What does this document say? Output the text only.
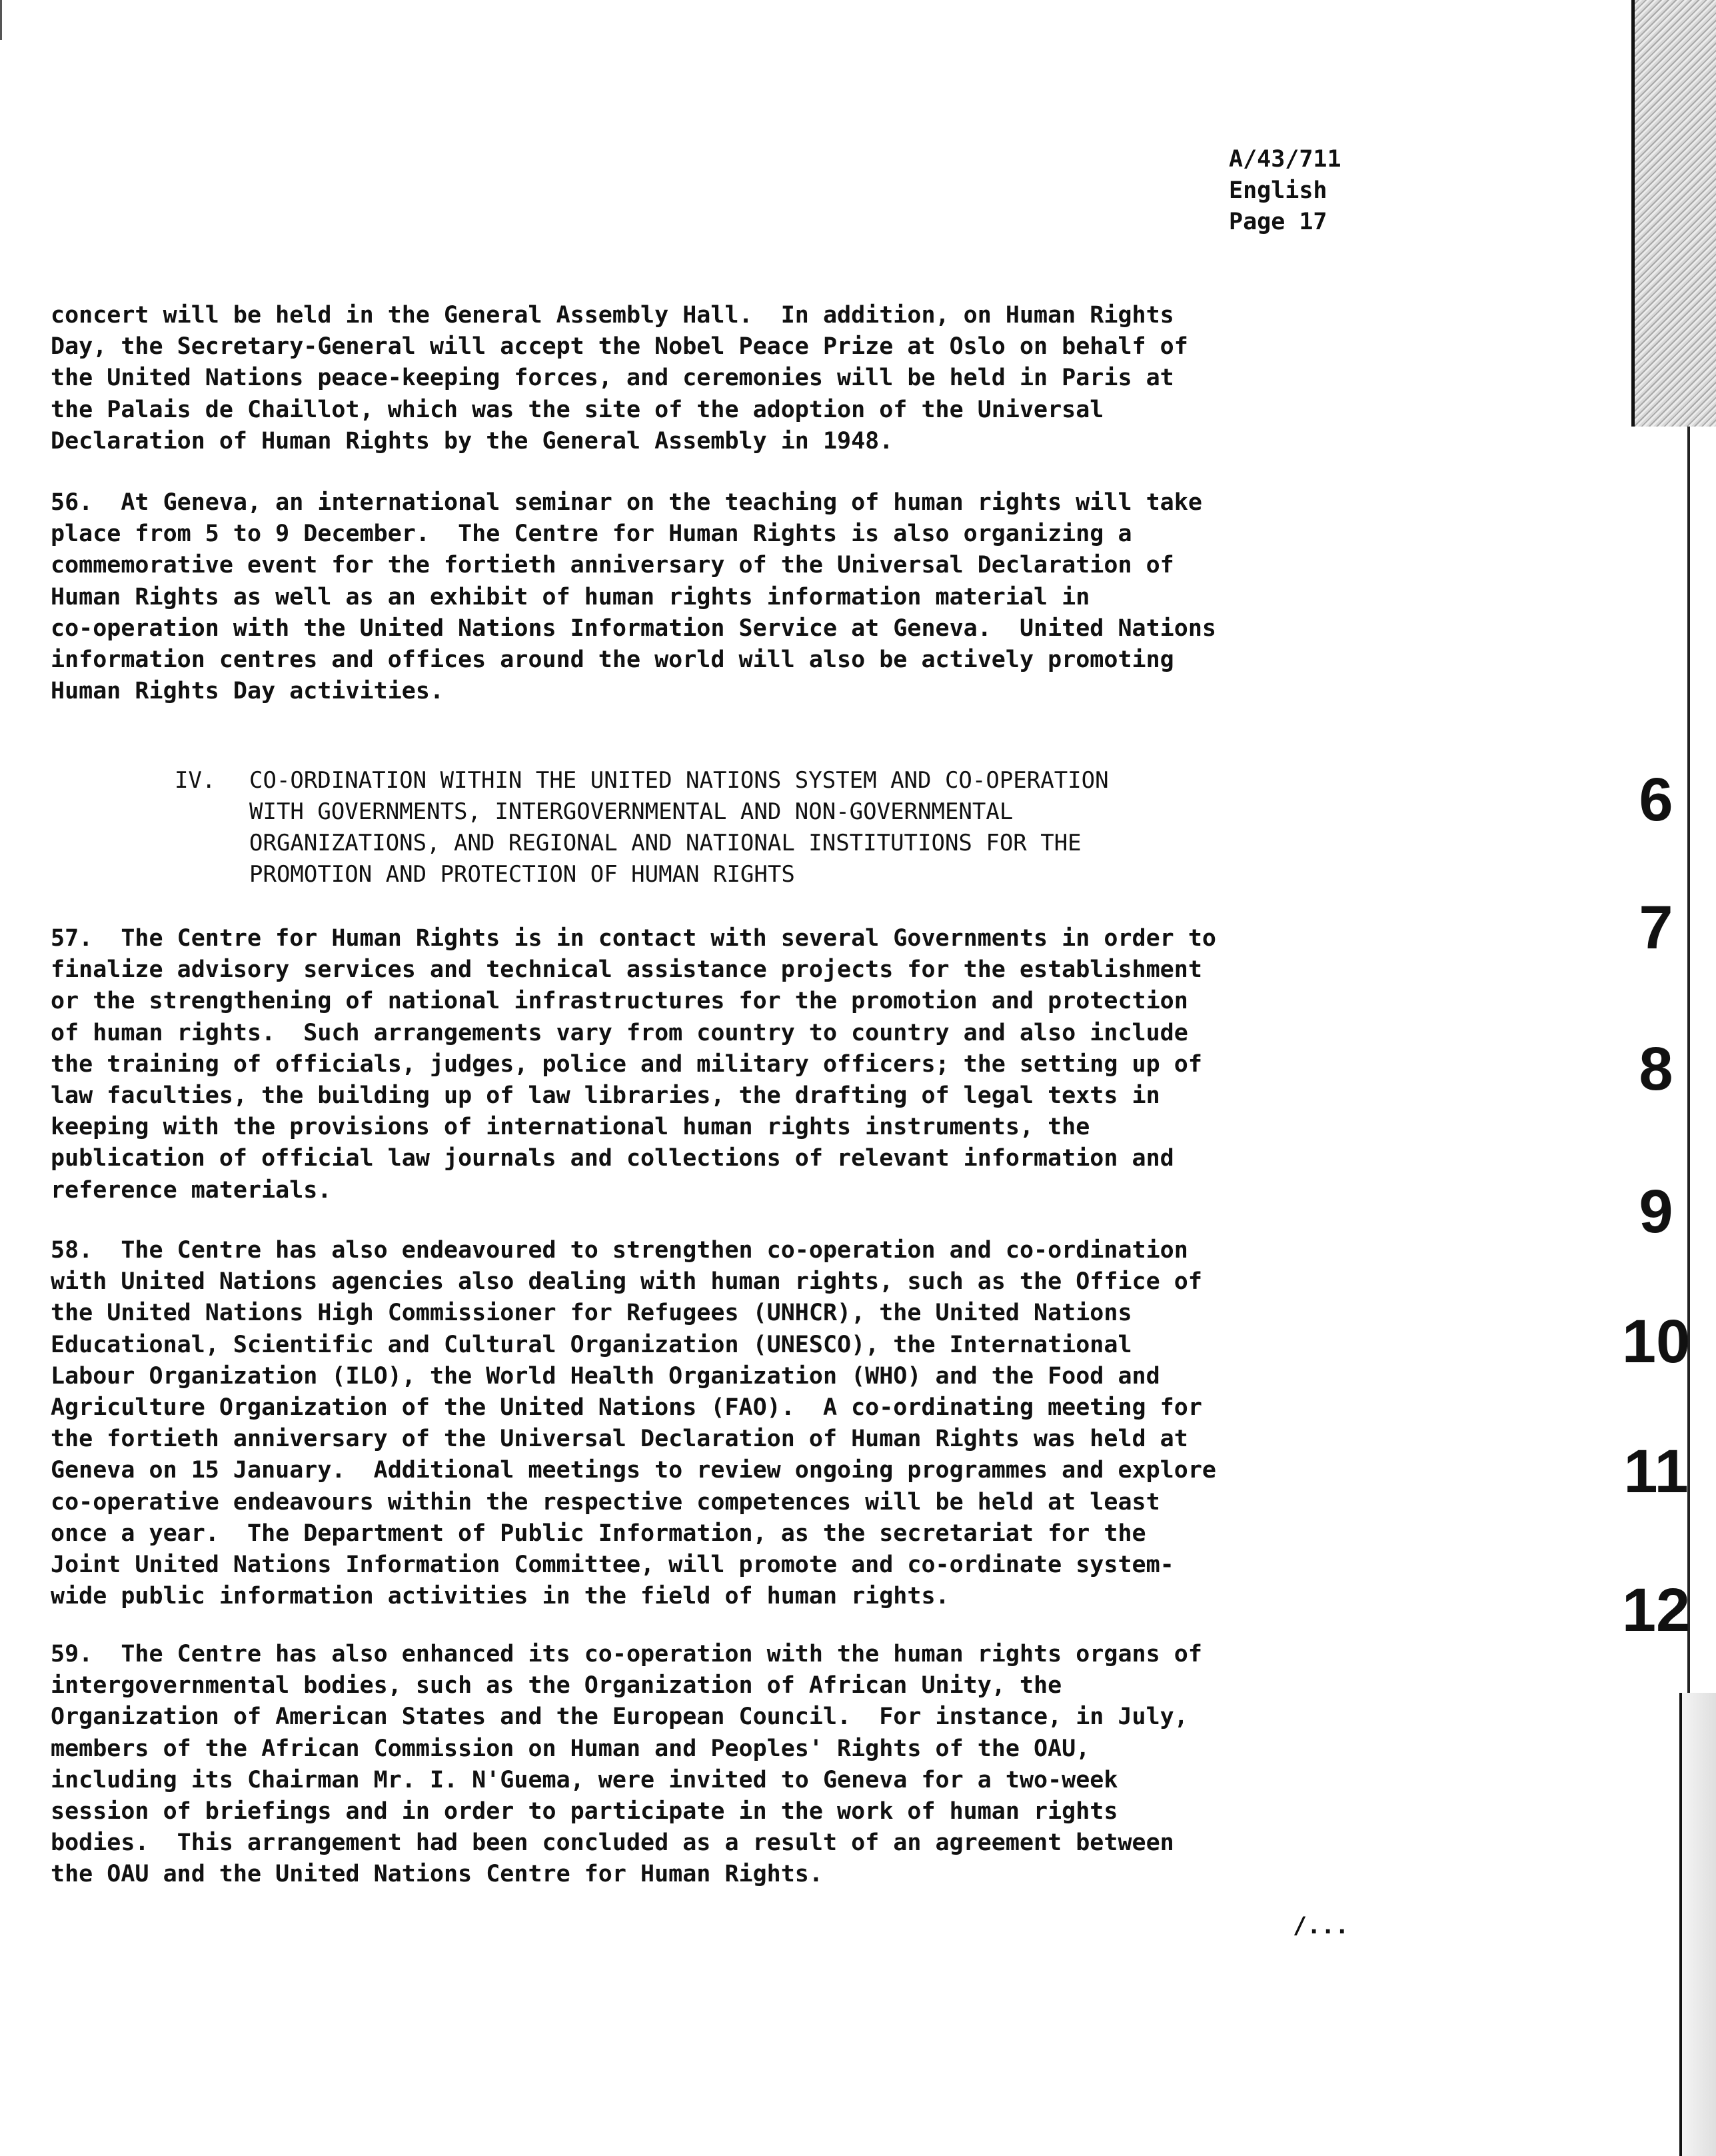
A/43/711
English
Page 17
concert will be held in the General Assembly Hall.  In addition, on Human Rights
Day, the Secretary-General will accept the Nobel Peace Prize at Oslo on behalf of
the United Nations peace-keeping forces, and ceremonies will be held in Paris at
the Palais de Chaillot, which was the site of the adoption of the Universal
Declaration of Human Rights by the General Assembly in 1948.
56.  At Geneva, an international seminar on the teaching of human rights will take
place from 5 to 9 December.  The Centre for Human Rights is also organizing a
commemorative event for the fortieth anniversary of the Universal Declaration of
Human Rights as well as an exhibit of human rights information material in
co-operation with the United Nations Information Service at Geneva.  United Nations
information centres and offices around the world will also be actively promoting
Human Rights Day activities.

IV.

CO-ORDINATION WITHIN THE UNITED NATIONS SYSTEM AND CO-OPERATION
WITH GOVERNMENTS, INTERGOVERNMENTAL AND NON-GOVERNMENTAL
ORGANIZATIONS, AND REGIONAL AND NATIONAL INSTITUTIONS FOR THE
PROMOTION AND PROTECTION OF HUMAN RIGHTS

57.  The Centre for Human Rights is in contact with several Governments in order to
finalize advisory services and technical assistance projects for the establishment
or the strengthening of national infrastructures for the promotion and protection
of human rights.  Such arrangements vary from country to country and also include
the training of officials, judges, police and military officers; the setting up of
law faculties, the building up of law libraries, the drafting of legal texts in
keeping with the provisions of international human rights instruments, the
publication of official law journals and collections of relevant information and
reference materials.
58.  The Centre has also endeavoured to strengthen co-operation and co-ordination
with United Nations agencies also dealing with human rights, such as the Office of
the United Nations High Commissioner for Refugees (UNHCR), the United Nations
Educational, Scientific and Cultural Organization (UNESCO), the International
Labour Organization (ILO), the World Health Organization (WHO) and the Food and
Agriculture Organization of the United Nations (FAO).  A co-ordinating meeting for
the fortieth anniversary of the Universal Declaration of Human Rights was held at
Geneva on 15 January.  Additional meetings to review ongoing programmes and explore
co-operative endeavours within the respective competences will be held at least
once a year.  The Department of Public Information, as the secretariat for the
Joint United Nations Information Committee, will promote and co-ordinate system-
wide public information activities in the field of human rights.
59.  The Centre has also enhanced its co-operation with the human rights organs of
intergovernmental bodies, such as the Organization of African Unity, the
Organization of American States and the European Council.  For instance, in July,
members of the African Commission on Human and Peoples' Rights of the OAU,
including its Chairman Mr. I. N'Guema, were invited to Geneva for a two-week
session of briefings and in order to participate in the work of human rights
bodies.  This arrangement had been concluded as a result of an agreement between
the OAU and the United Nations Centre for Human Rights.
/...
6
7
8
9
10
11
12
